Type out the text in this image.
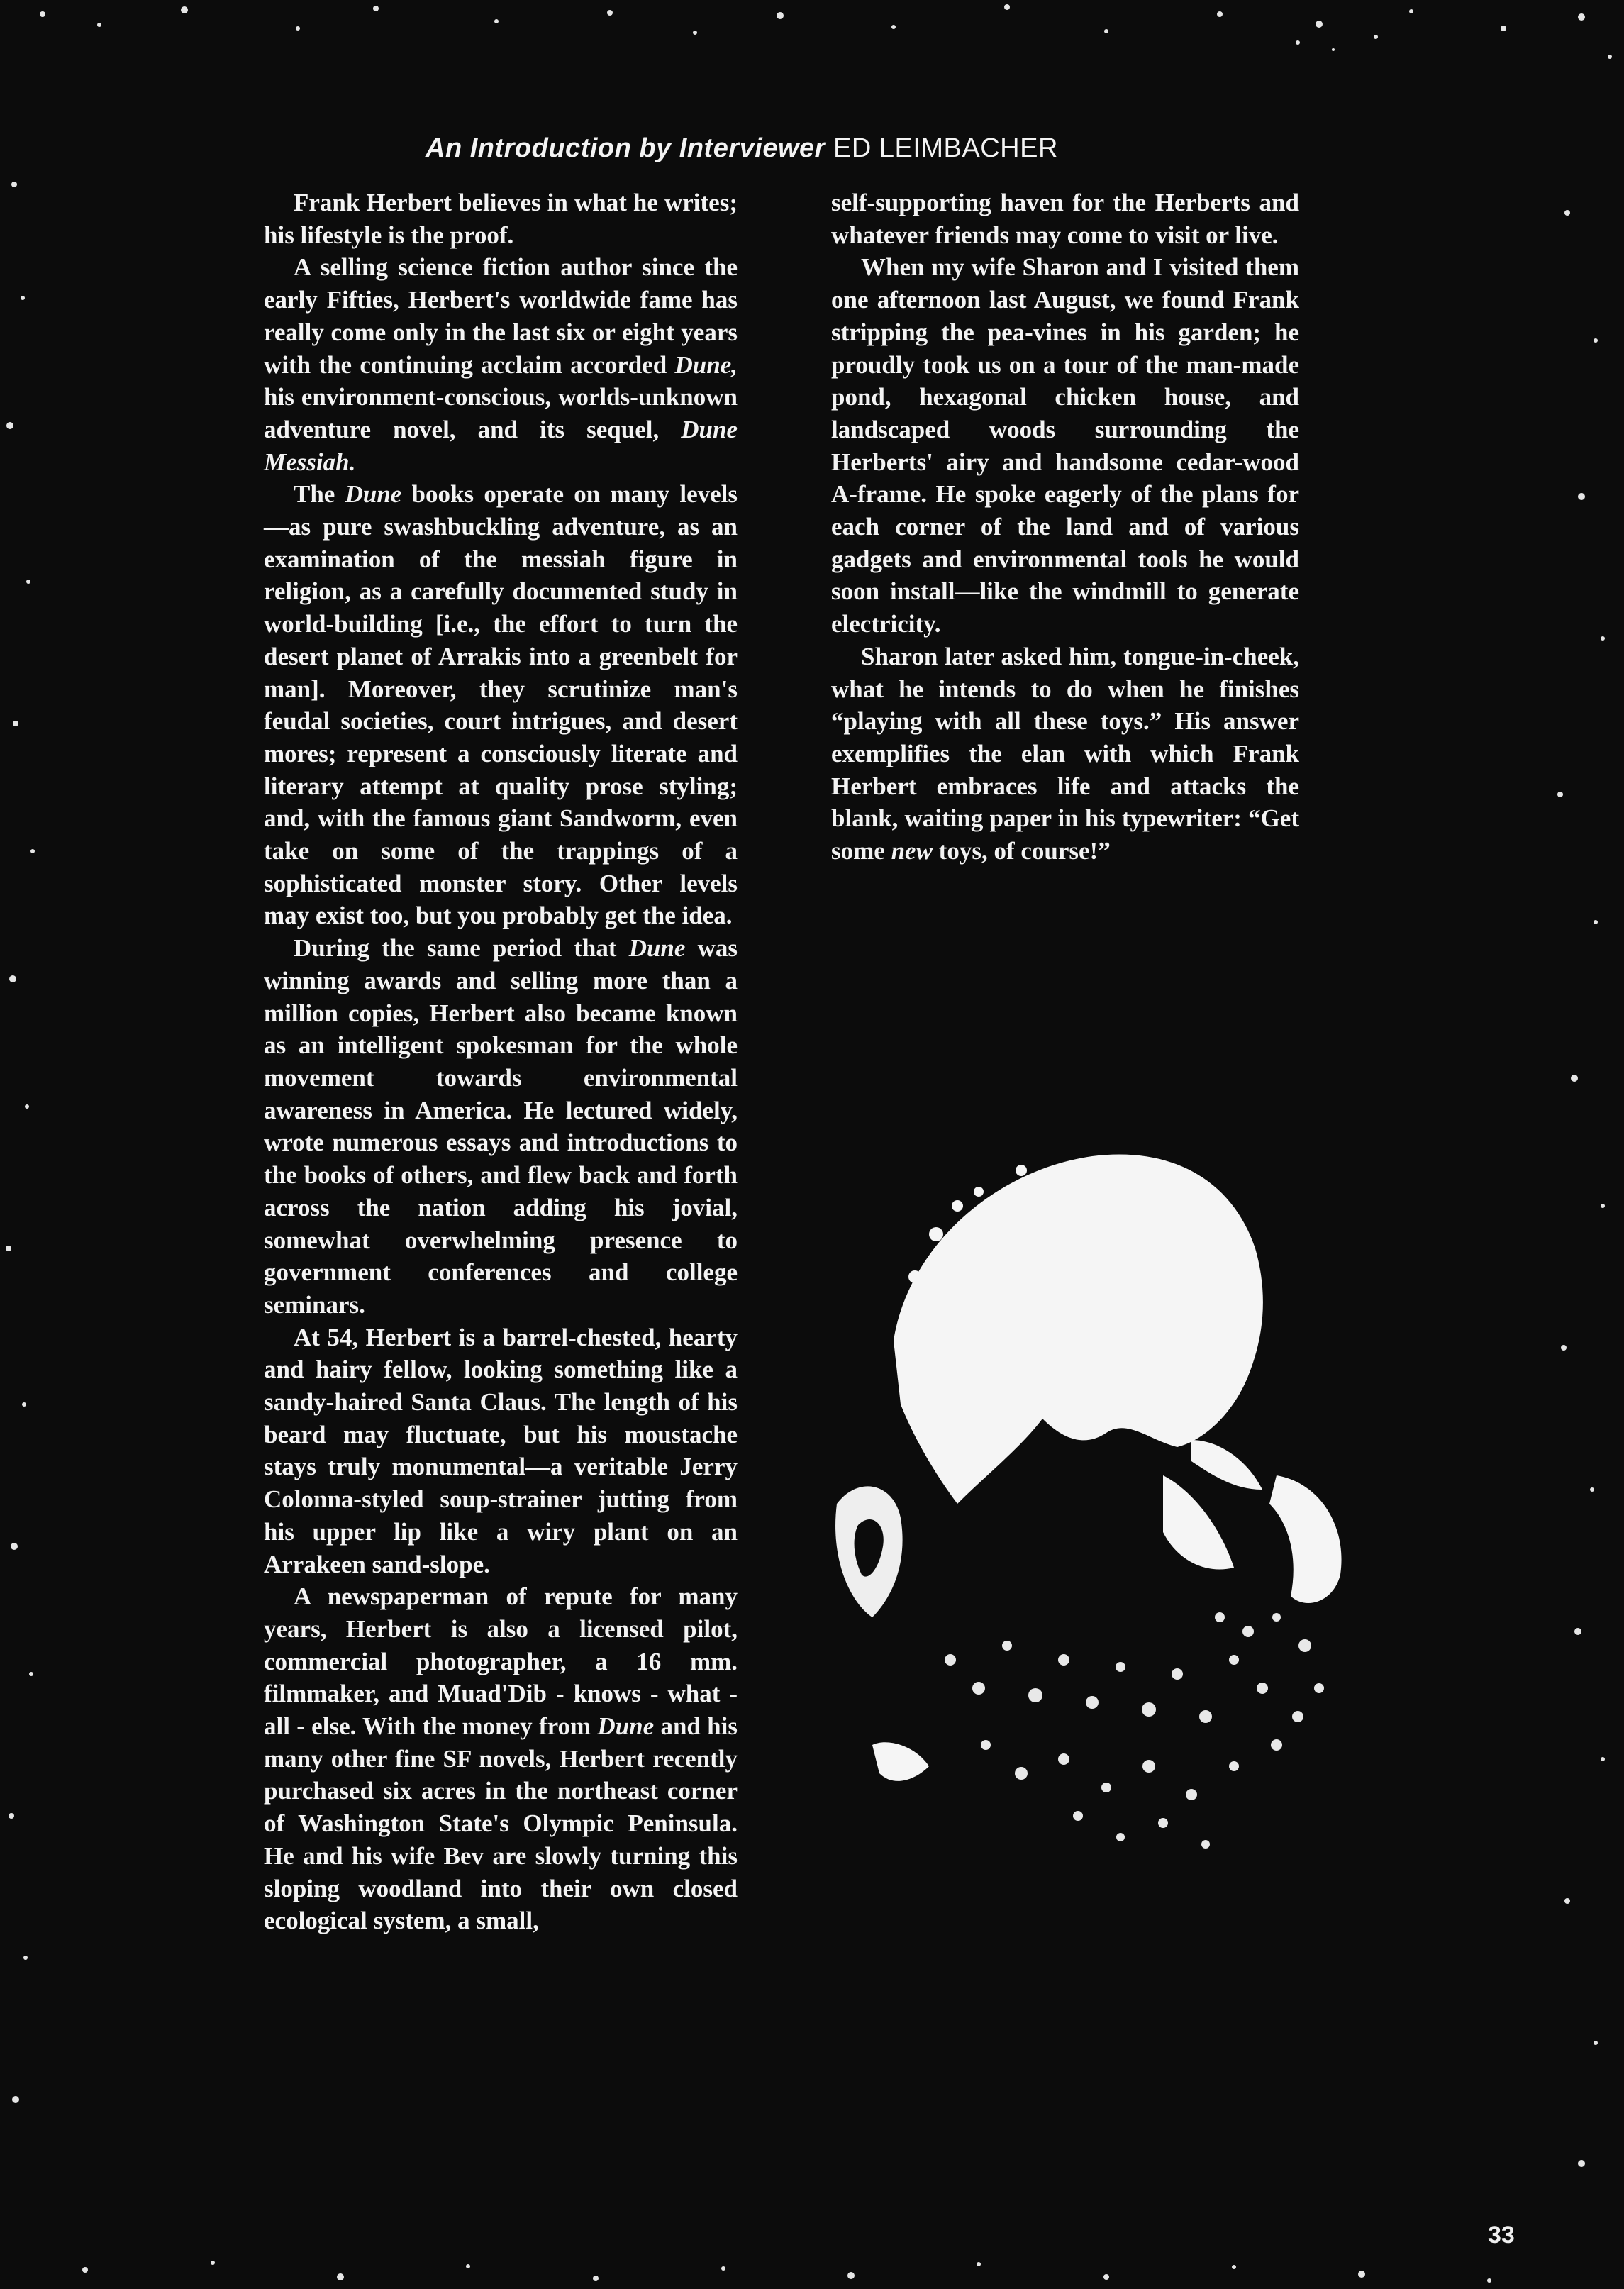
An Introduction by Interviewer ED LEIMBACHER

Frank Herbert believes in what he writes; his lifestyle is the proof.

A selling science fiction author since the early Fifties, Herbert's worldwide fame has really come only in the last six or eight years with the continuing acclaim accorded Dune, his environment-conscious, worlds-unknown adventure novel, and its sequel, Dune Messiah.

The Dune books operate on many levels—as pure swashbuckling adventure, as an examination of the messiah figure in religion, as a carefully documented study in world-building [i.e., the effort to turn the desert planet of Arrakis into a greenbelt for man]. Moreover, they scrutinize man's feudal societies, court intrigues, and desert mores; represent a consciously literate and literary attempt at quality prose styling; and, with the famous giant Sandworm, even take on some of the trappings of a sophisticated monster story. Other levels may exist too, but you probably get the idea.

During the same period that Dune was winning awards and selling more than a million copies, Herbert also became known as an intelligent spokesman for the whole movement towards environmental awareness in America. He lectured widely, wrote numerous essays and introductions to the books of others, and flew back and forth across the nation adding his jovial, somewhat overwhelming presence to government conferences and college seminars.

At 54, Herbert is a barrel-chested, hearty and hairy fellow, looking something like a sandy-haired Santa Claus. The length of his beard may fluctuate, but his moustache stays truly monumental—a veritable Jerry Colonna-styled soup-strainer jutting from his upper lip like a wiry plant on an Arrakeen sand-slope.

A newspaperman of repute for many years, Herbert is also a licensed pilot, commercial photographer, a 16 mm. filmmaker, and Muad'Dib - knows - what - all - else. With the money from Dune and his many other fine SF novels, Herbert recently purchased six acres in the northeast corner of Washington State's Olympic Peninsula. He and his wife Bev are slowly turning this sloping woodland into their own closed ecological system, a small,

self-supporting haven for the Herberts and whatever friends may come to visit or live.

When my wife Sharon and I visited them one afternoon last August, we found Frank stripping the pea-vines in his garden; he proudly took us on a tour of the man-made pond, hexagonal chicken house, and landscaped woods surrounding the Herberts' airy and handsome cedar-wood A-frame. He spoke eagerly of the plans for each corner of the land and of various gadgets and environmental tools he would soon install—like the windmill to generate electricity.

Sharon later asked him, tongue-in-cheek, what he intends to do when he finishes “playing with all these toys.” His answer exemplifies the elan with which Frank Herbert embraces life and attacks the blank, waiting paper in his typewriter: “Get some new toys, of course!”

33
